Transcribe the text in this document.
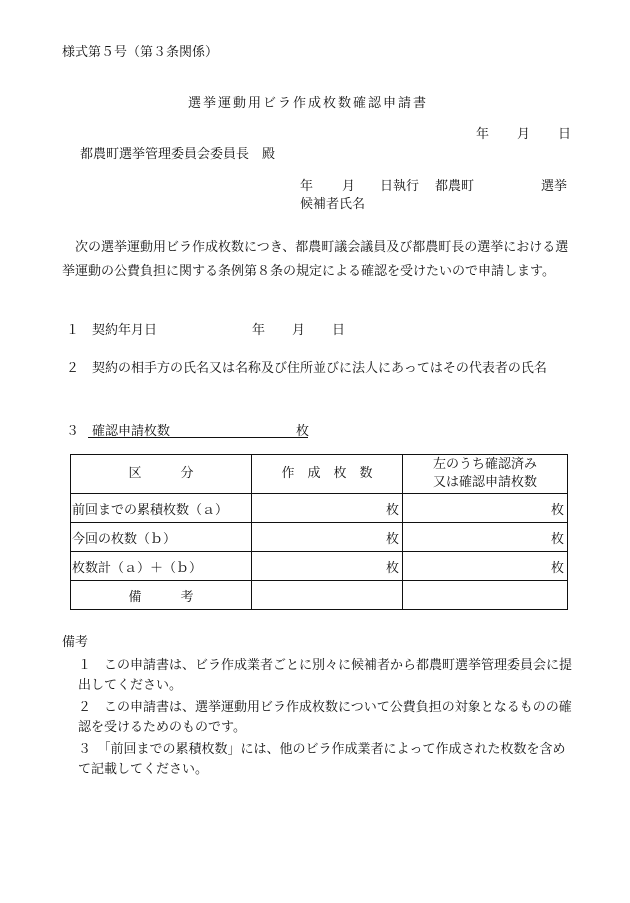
様式第５号（第３条関係）
選挙運動用ビラ作成枚数確認申請書
年 月 日
都農町選挙管理委員会委員長　殿
年 月 日執行 都農町	選挙
候補者氏名
次の選挙運動用ビラ作成枚数につき、都農町議会議員及び都農町長の選挙における選挙運動の公費負担に関する条例第８条の規定による確認を受けたいので申請します。
１　契約年月日	年 月 日
２　契約の相手方の氏名又は名称及び住所並びに法人にあってはその代表者の氏名
３　確認申請枚数	枚
区　　　分	作　成　枚　数	左のうち確認済み
又は確認申請枚数
前回までの累積枚数（ａ）	枚	枚
今回の枚数（ｂ）	枚	枚
枚数計（ａ）＋（ｂ）	枚	枚
備　　　考		
備考
１　この申請書は、ビラ作成業者ごとに別々に候補者から都農町選挙管理委員会に提出してください。
２　この申請書は、選挙運動用ビラ作成枚数について公費負担の対象となるものの確認を受けるためのものです。
３　「前回までの累積枚数」には、他のビラ作成業者によって作成された枚数を含めて記載してください。
